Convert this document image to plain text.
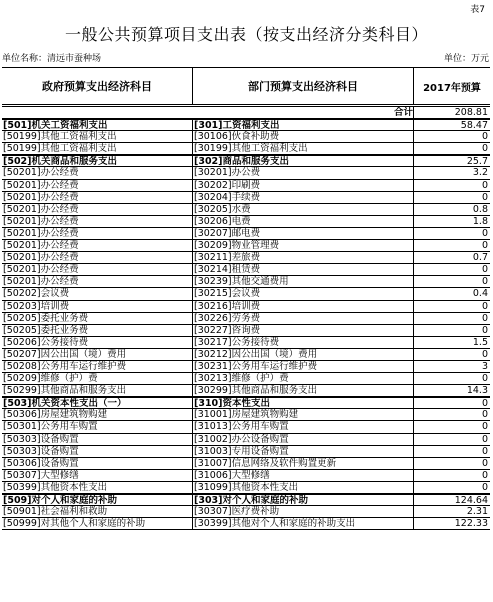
表7
一般公共预算项目支出表（按支出经济分类科目）
单位名称：清远市蚕种场	单位：万元
政府预算支出经济科目	部门预算支出经济科目	2017年预算
合计	208.81
[501]机关工资福利支出	[301]工资福利支出	58.47
[50199]其他工资福利支出	[30106]伙食补助费	0
[50199]其他工资福利支出	[30199]其他工资福利支出	0
[502]机关商品和服务支出	[302]商品和服务支出	25.7
[50201]办公经费	[30201]办公费	3.2
[50201]办公经费	[30202]印刷费	0
[50201]办公经费	[30204]手续费	0
[50201]办公经费	[30205]水费	0.8
[50201]办公经费	[30206]电费	1.8
[50201]办公经费	[30207]邮电费	0
[50201]办公经费	[30209]物业管理费	0
[50201]办公经费	[30211]差旅费	0.7
[50201]办公经费	[30214]租赁费	0
[50201]办公经费	[30239]其他交通费用	0
[50202]会议费	[30215]会议费	0.4
[50203]培训费	[30216]培训费	0
[50205]委托业务费	[30226]劳务费	0
[50205]委托业务费	[30227]咨询费	0
[50206]公务接待费	[30217]公务接待费	1.5
[50207]因公出国（境）费用	[30212]因公出国（境）费用	0
[50208]公务用车运行维护费	[30231]公务用车运行维护费	3
[50209]维修（护）费	[30213]维修（护）费	0
[50299]其他商品和服务支出	[30299]其他商品和服务支出	14.3
[503]机关资本性支出（一）	[310]资本性支出	0
[50306]房屋建筑物购建	[31001]房屋建筑物购建	0
[50301]公务用车购置	[31013]公务用车购置	0
[50303]设备购置	[31002]办公设备购置	0
[50303]设备购置	[31003]专用设备购置	0
[50306]设备购置	[31007]信息网络及软件购置更新	0
[50307]大型修缮	[31006]大型修缮	0
[50399]其他资本性支出	[31099]其他资本性支出	0
[509]对个人和家庭的补助	[303]对个人和家庭的补助	124.64
[50901]社会福利和救助	[30307]医疗费补助	2.31
[50999]对其他个人和家庭的补助	[30399]其他对个人和家庭的补助支出	122.33
